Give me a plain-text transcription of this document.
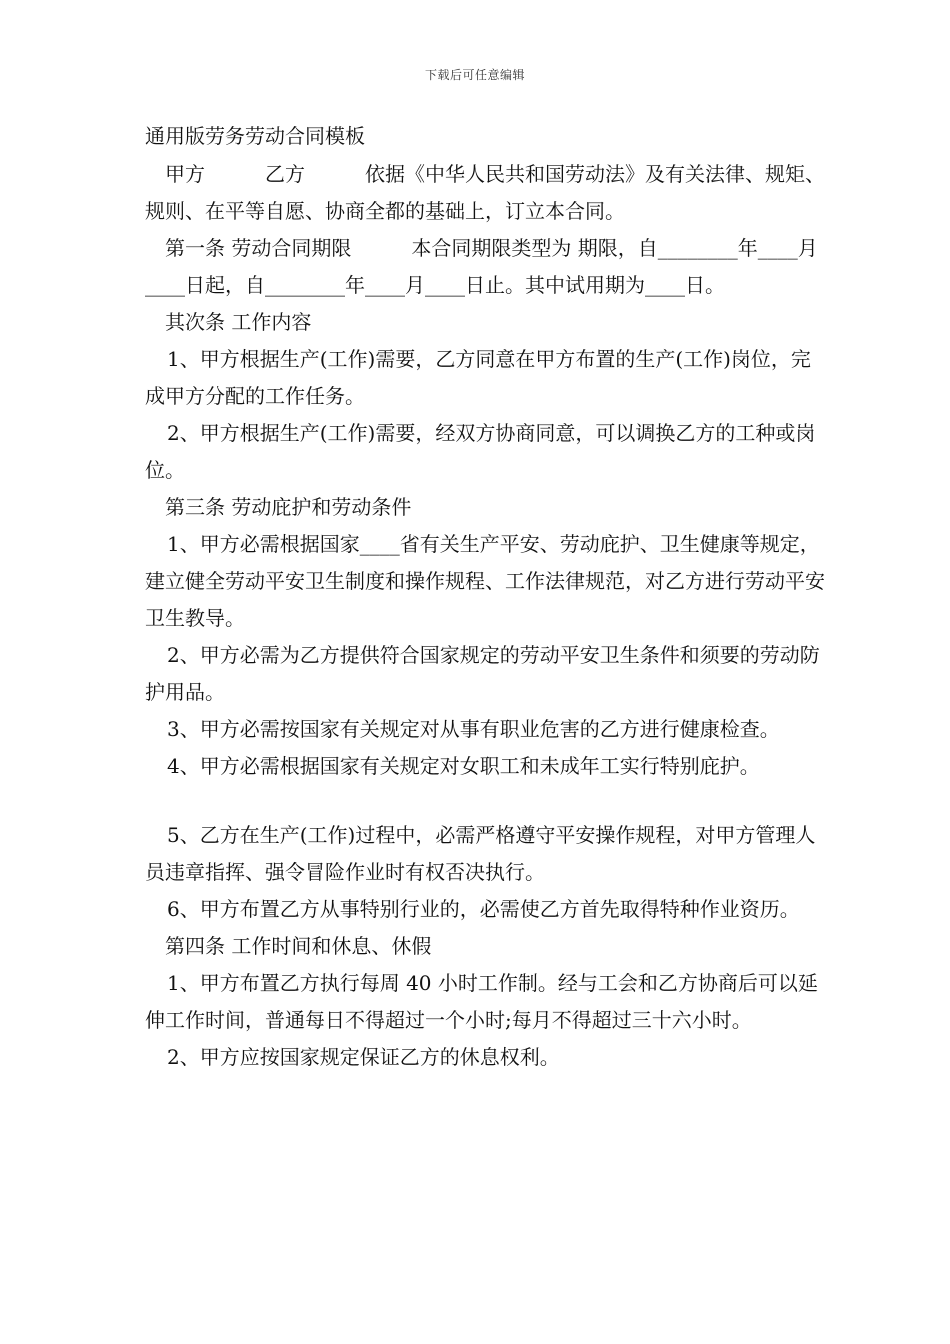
下载后可任意编辑

通用版劳务劳动合同模板

甲方　　　乙方　　　依据《中华人民共和国劳动法》及有关法律、规矩、规则、在平等自愿、协商全都的基础上，订立本合同。

第一条 劳动合同期限　　　本合同期限类型为 期限，自________年____月____日起，自________年____月____日止。其中试用期为____日。

其次条 工作内容

1、甲方根据生产(工作)需要，乙方同意在甲方布置的生产(工作)岗位，完成甲方分配的工作任务。

2、甲方根据生产(工作)需要，经双方协商同意，可以调换乙方的工种或岗位。

第三条 劳动庇护和劳动条件

1、甲方必需根据国家____省有关生产平安、劳动庇护、卫生健康等规定，建立健全劳动平安卫生制度和操作规程、工作法律规范，对乙方进行劳动平安卫生教导。

2、甲方必需为乙方提供符合国家规定的劳动平安卫生条件和须要的劳动防护用品。

3、甲方必需按国家有关规定对从事有职业危害的乙方进行健康检查。

4、甲方必需根据国家有关规定对女职工和未成年工实行特别庇护。

5、乙方在生产(工作)过程中，必需严格遵守平安操作规程，对甲方管理人员违章指挥、强令冒险作业时有权否决执行。

6、甲方布置乙方从事特别行业的，必需使乙方首先取得特种作业资历。

第四条 工作时间和休息、休假

1、甲方布置乙方执行每周 40 小时工作制。经与工会和乙方协商后可以延伸工作时间，普通每日不得超过一个小时;每月不得超过三十六小时。

2、甲方应按国家规定保证乙方的休息权利。
